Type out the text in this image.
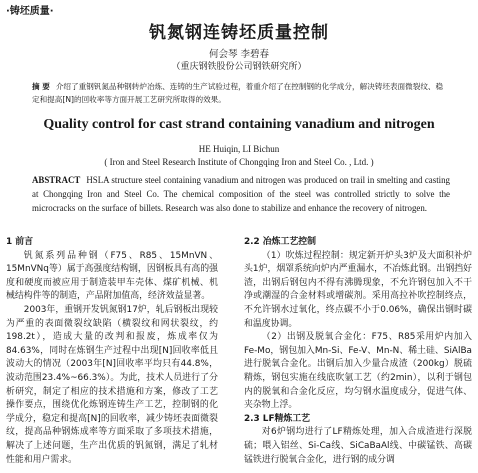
·铸坯质量·
钒氮钢连铸坯质量控制
何会琴 李碧春
（重庆钢铁股份公司钢铁研究所）
摘 要 介绍了重钢钒氮品种钢转炉冶炼、连铸的生产试验过程，着重介绍了在控制钢的化学成分，解决铸坯表面微裂纹、稳定和提高[N]的回收率等方面开展工艺研究所取得的效果。
Quality control for cast strand containing vanadium and nitrogen
HE Huiqin, LI Bichun
( Iron and Steel Research Institute of Chongqing Iron and Steel Co. , Ltd. )
ABSTRACT HSLA structure steel containing vanadium and nitrogen was produced on trail in smelting and casting at Chongqing Iron and Steel Co. The chemical composition of the steel was controlled strictly to solve the microcracks on the surface of billets. Research was also done to stabilize and enhance the recovery of nitrogen.

1 前言

钒氮系列品种钢（F75、R85、15MnVN、15MnVNq等）属于高强度结构钢，因钢板具有高的强度和硬度而被应用于制造装甲车壳体、煤矿机械、机械结构件等的制造，产品附加值高，经济效益显著。

2003年，重钢开发钒氮钢17炉，轧后钢板出现较为严重的表面微裂纹缺陷（横裂纹和网状裂纹，约198.2t），造成大量的改判和报废，炼成率仅为84.63%，同时在炼钢生产过程中出现[N]回收率低且波动大的情况（2003年[N]回收率平均只有44.8%，波动范围23.4%~66.3%）。为此，技术人员进行了分析研究，制定了相应的技术措施和方案，修改了工艺操作要点，围绕优化炼钢连铸生产工艺，控制钢的化学成分，稳定和提高[N]的回收率，减少铸坯表面微裂纹，提高品种钢炼成率等方面采取了多项技术措施，解决了上述问题，生产出优质的钒氮钢，满足了轧材性能和用户需求。

2.2 冶炼工艺控制

（1）吹炼过程控制：规定新开炉头3炉及大面积补炉头1炉，烟罩系统向炉内严重漏水，不冶炼此钢。出钢挡好渣，出钢后钢包内不得有沸腾现象，不允许钢包加入不干净或潮湿的合金材料或增碳剂。采用高拉补吹控制终点，不允许钢水过氧化，终点碳不小于0.06%，确保出钢时碳和温度协调。

（2）出钢及脱氧合金化：F75、R85采用炉内加入Fe-Mo，钢包加入Mn-Si、Fe-V、Mn-N、稀土硅、SiAlBa进行脱氧合金化。出钢后加入少量合成渣（200kg）脱硫精炼，钢包实施在线底吹氩工艺（约2min），以利于钢包内的脱氧和合金化反应，均匀钢水温度成分，促进气体、夹杂物上浮。

2.3 LF精炼工艺

对6炉钢均进行了LF精炼处理，加入合成渣进行深脱硫；喂入铝丝、Si-Ca线、SiCaBaAl线、中碳锰铁、高碳锰铁进行脱氧合金化，进行钢的成分调
